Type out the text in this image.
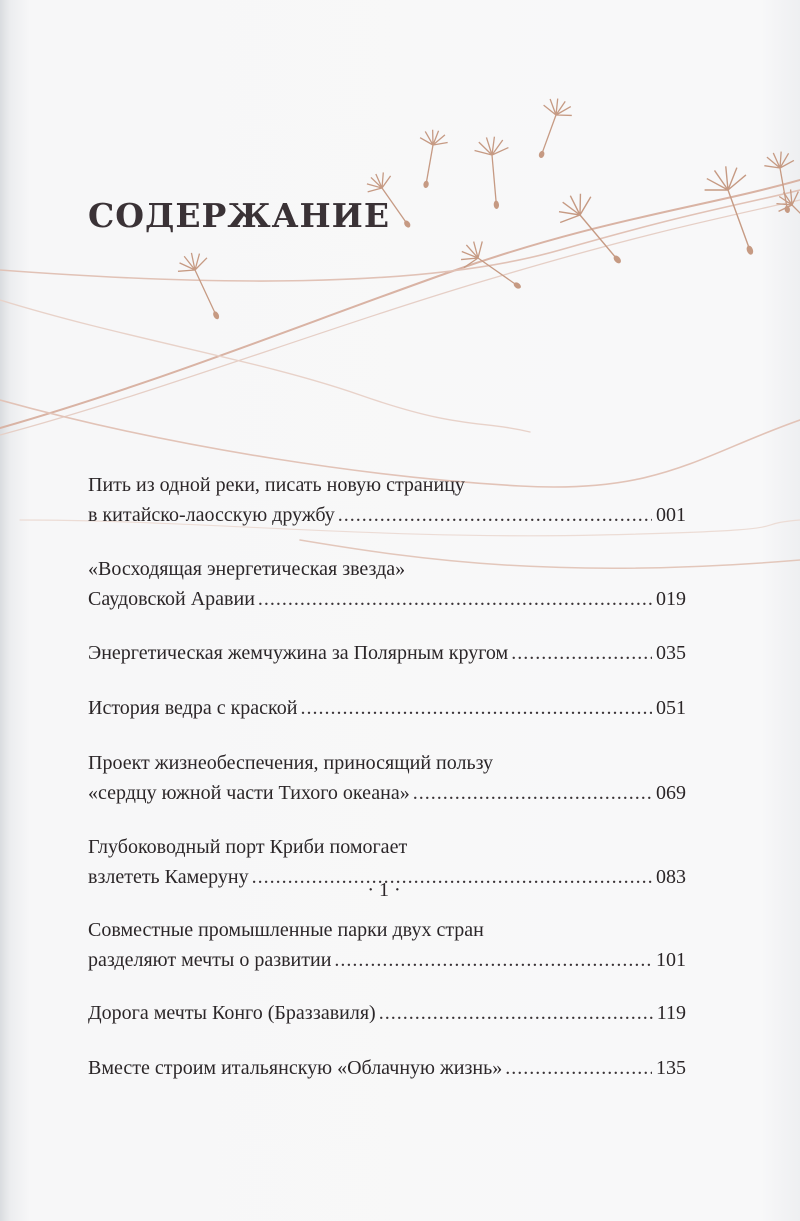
СОДЕРЖАНИЕ
Пить из одной реки, писать новую страницу
в китайско-лаосскую дружбу .....	001
«Восходящая энергетическая звезда»
Саудовской Аравии .....	019
Энергетическая жемчужина за Полярным кругом .....	035
История ведра с краской .....	051
Проект жизнеобеспечения, приносящий пользу
«сердцу южной части Тихого океана» .....	069
Глубоководный порт Криби помогает
взлететь Камеруну .....	083
Совместные промышленные парки двух стран
разделяют мечты о развитии .....	101
Дорога мечты Конго (Браззавиля) .....	119
Вместе строим итальянскую «Облачную жизнь» .....	135
· 1 ·
